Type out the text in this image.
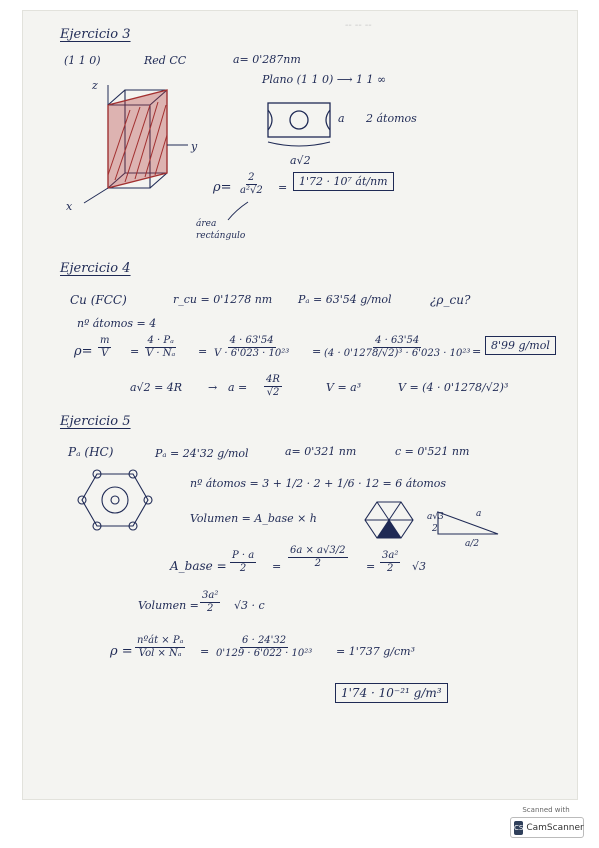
-- -- --
Ejercicio 3
(1 1 0)	Red CC	a= 0'287nm
Plano (1 1 0) ⟶ 1 1 ∞
z
y
x
a 2 átomos
a√2
$\rho= \frac{2}{\text{a²√2}}$ =	1'72 · 10⁷ át/nm
área
rectángulo
Ejercicio 4
Cu (FCC)	r_cu = 0'1278 nm Pₐ = 63'54 g/mol	¿ρ_cu?
nº átomos = 4
$\rho= \frac{m}{V} = \frac{\text{4 · Pₐ}}{\text{V · Nₐ}} = \frac{4 \cdot 63'54}{\text{V · 6'023 · 10²³}} = \frac{4 \cdot 63'54}{\text{(4 · 0'1278/√2)³ · 6'023 · 10²³}} = 8'99$ g/mol
$a√2 = 4R \to a = \frac{4R}{√2}$	V = a³	V = (4 · 0'1278/√2)³
Ejercicio 5
Pₐ (HC)	Pₐ = 24'32 g/mol	a= 0'321 nm	c = 0'521 nm
nº átomos = 3 + 1/2 · 2 + 1/6 · 12 = 6 átomos
Volumen = A_base × h	a√3
2
a
a/2
A_base = $\frac{P \cdot a}{2} = \frac{6a \times a√3/2}{2} = \frac{\text{3a²}}{2} √3$
Volumen = $\frac{\text{3a²}}{2} √3 \cdot c$
ρ =
nºát × Pₐ
Vol × $N_a = \frac{6 \cdot 24'32}{\text{0'129 · 6'022 · 10²³}} = 1'737$ g/cm³
1'74 · 10⁻²¹ g/m³
Scanned with
CS CamScanner
